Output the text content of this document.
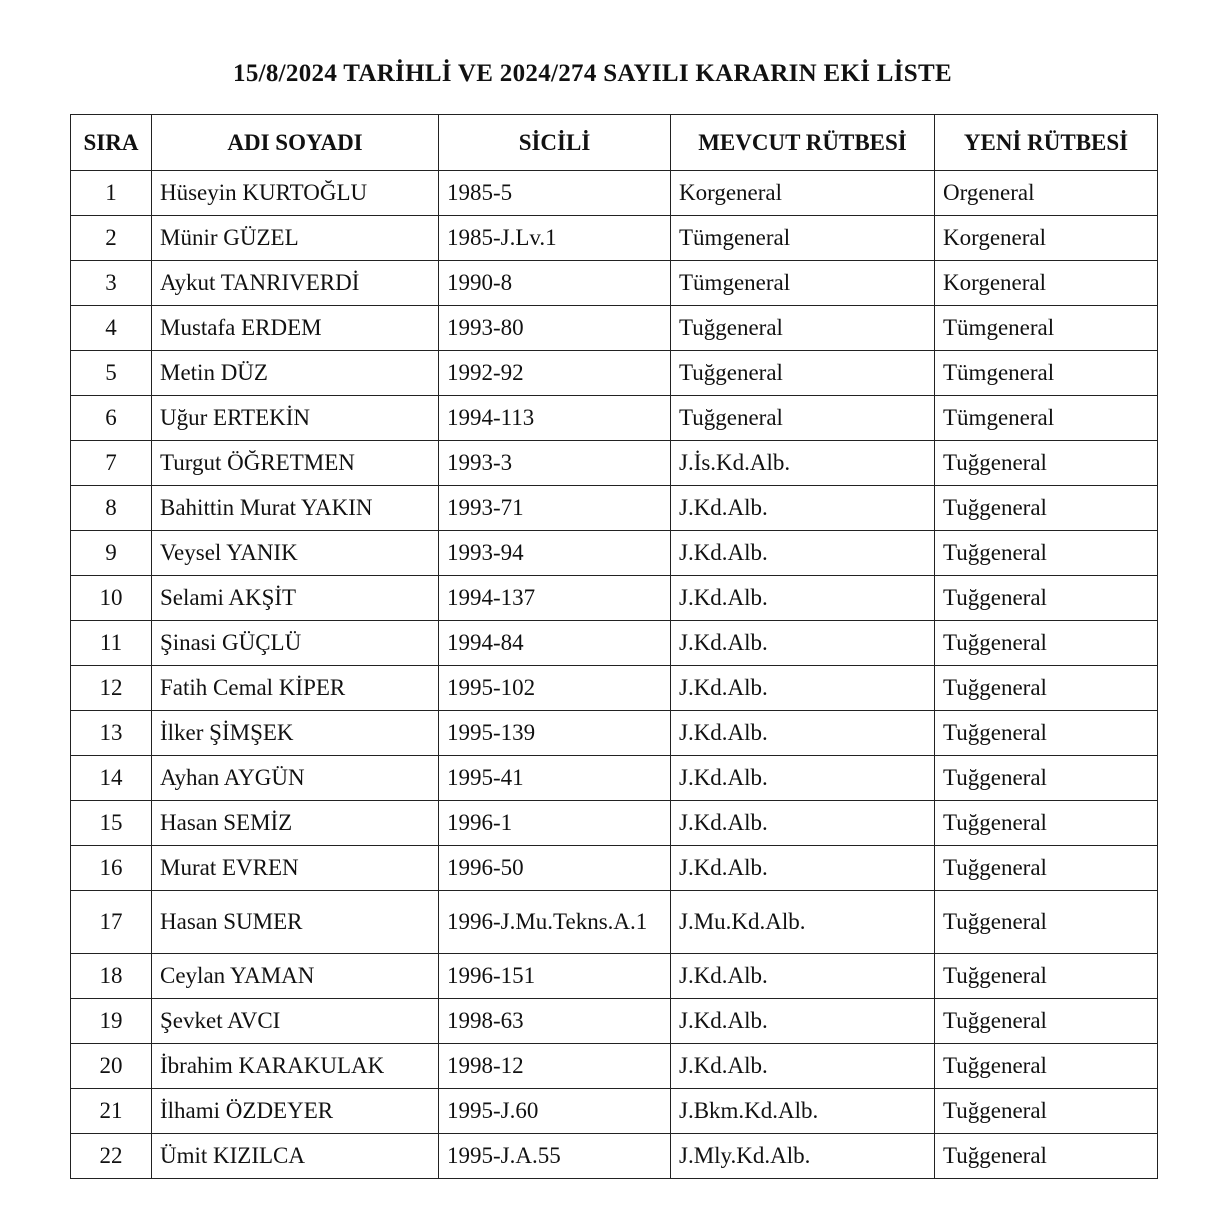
15/8/2024 TARİHLİ VE 2024/274 SAYILI KARARIN EKİ LİSTE
SIRA	ADI SOYADI	SİCİLİ	MEVCUT RÜTBESİ	YENİ RÜTBESİ
1	Hüseyin KURTOĞLU	1985-5	Korgeneral	Orgeneral
2	Münir GÜZEL	1985-J.Lv.1	Tümgeneral	Korgeneral
3	Aykut TANRIVERDİ	1990-8	Tümgeneral	Korgeneral
4	Mustafa ERDEM	1993-80	Tuğgeneral	Tümgeneral
5	Metin DÜZ	1992-92	Tuğgeneral	Tümgeneral
6	Uğur ERTEKİN	1994-113	Tuğgeneral	Tümgeneral
7	Turgut ÖĞRETMEN	1993-3	J.İs.Kd.Alb.	Tuğgeneral
8	Bahittin Murat YAKIN	1993-71	J.Kd.Alb.	Tuğgeneral
9	Veysel YANIK	1993-94	J.Kd.Alb.	Tuğgeneral
10	Selami AKŞİT	1994-137	J.Kd.Alb.	Tuğgeneral
11	Şinasi GÜÇLÜ	1994-84	J.Kd.Alb.	Tuğgeneral
12	Fatih Cemal KİPER	1995-102	J.Kd.Alb.	Tuğgeneral
13	İlker ŞİMŞEK	1995-139	J.Kd.Alb.	Tuğgeneral
14	Ayhan AYGÜN	1995-41	J.Kd.Alb.	Tuğgeneral
15	Hasan SEMİZ	1996-1	J.Kd.Alb.	Tuğgeneral
16	Murat EVREN	1996-50	J.Kd.Alb.	Tuğgeneral
17	Hasan SUMER	1996-J.Mu.Tekns.A.1	J.Mu.Kd.Alb.	Tuğgeneral
18	Ceylan YAMAN	1996-151	J.Kd.Alb.	Tuğgeneral
19	Şevket AVCI	1998-63	J.Kd.Alb.	Tuğgeneral
20	İbrahim KARAKULAK	1998-12	J.Kd.Alb.	Tuğgeneral
21	İlhami ÖZDEYER	1995-J.60	J.Bkm.Kd.Alb.	Tuğgeneral
22	Ümit KIZILCA	1995-J.A.55	J.Mly.Kd.Alb.	Tuğgeneral
